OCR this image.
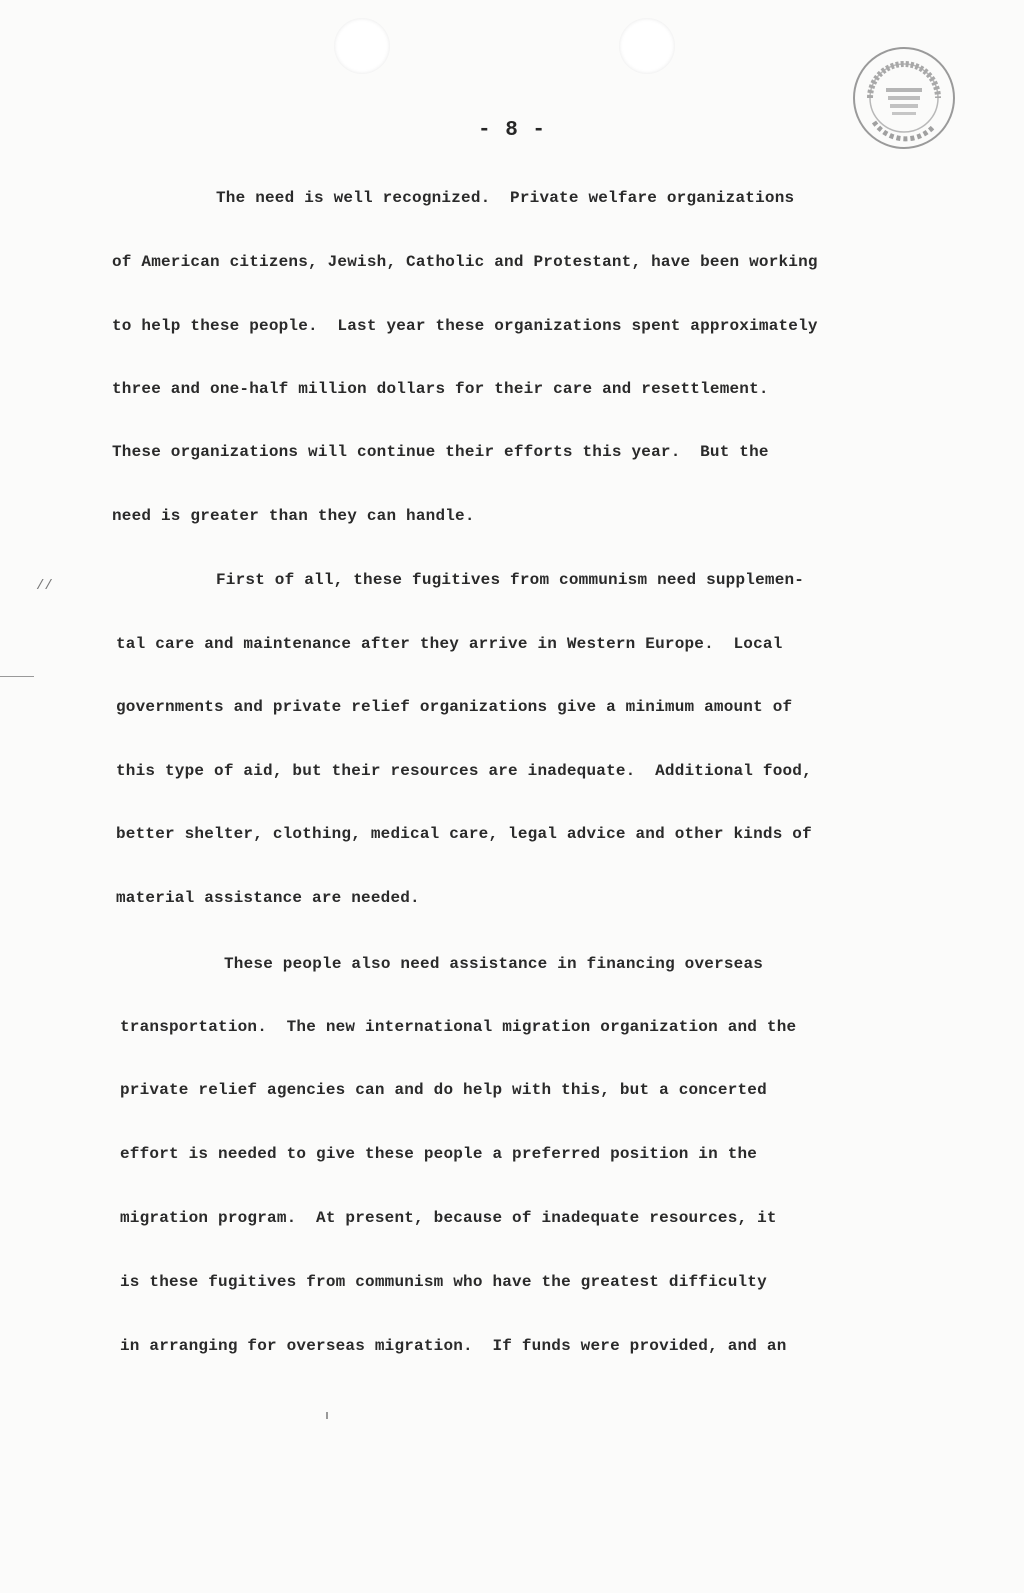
- 8 -
The need is well recognized.  Private welfare organizations
of American citizens, Jewish, Catholic and Protestant, have been working
to help these people.  Last year these organizations spent approximately
three and one-half million dollars for their care and resettlement.
These organizations will continue their efforts this year.  But the
need is greater than they can handle.
First of all, these fugitives from communism need supplemen-
tal care and maintenance after they arrive in Western Europe.  Local
governments and private relief organizations give a minimum amount of
this type of aid, but their resources are inadequate.  Additional food,
better shelter, clothing, medical care, legal advice and other kinds of
material assistance are needed.
These people also need assistance in financing overseas
transportation.  The new international migration organization and the
private relief agencies can and do help with this, but a concerted
effort is needed to give these people a preferred position in the
migration program.  At present, because of inadequate resources, it
is these fugitives from communism who have the greatest difficulty
in arranging for overseas migration.  If funds were provided, and an
//
